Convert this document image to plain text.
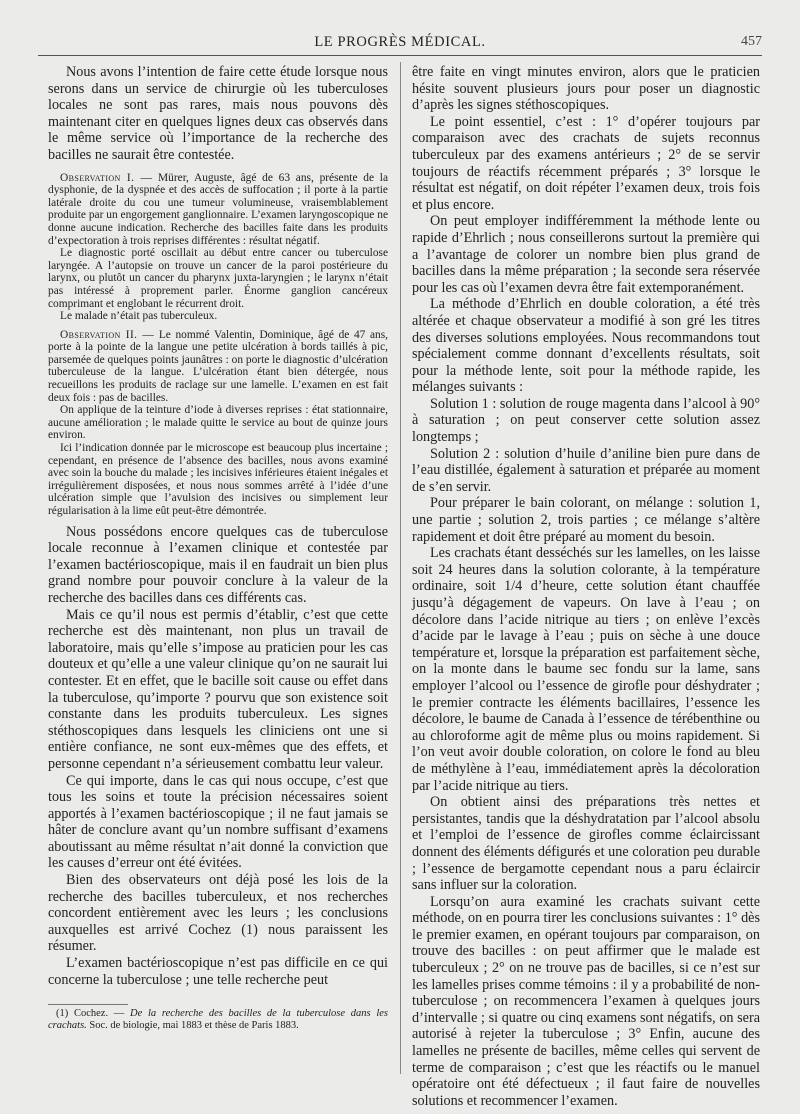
LE PROGRÈS MÉDICAL.	457

Nous avons l’intention de faire cette étude lorsque nous serons dans un service de chirurgie où les tuberculoses locales ne sont pas rares, mais nous pouvons dès maintenant citer en quelques lignes deux cas observés dans le même service où l’importance de la recherche des bacilles ne saurait être contestée.

Observation I. — Mürer, Auguste, âgé de 63 ans, présente de la dysphonie, de la dyspnée et des accès de suffocation ; il porte à la partie latérale droite du cou une tumeur volumineuse, vraisemblablement produite par un engorgement ganglionnaire. L’examen laryngoscopique ne donne aucune indication. Recherche des bacilles faite dans les produits d’expectoration à trois reprises différentes : résultat négatif.

Le diagnostic porté oscillait au début entre cancer ou tuberculose laryngée. A l’autopsie on trouve un cancer de la paroi postérieure du larynx, ou plutôt un cancer du pharynx juxta-laryngien ; le larynx n’était pas intéressé à proprement parler. Énorme ganglion cancéreux comprimant et englobant le récurrent droit.

Le malade n’était pas tuberculeux.

Observation II. — Le nommé Valentin, Dominique, âgé de 47 ans, porte à la pointe de la langue une petite ulcération à bords taillés à pic, parsemée de quelques points jaunâtres : on porte le diagnostic d’ulcération tuberculeuse de la langue. L’ulcération étant bien détergée, nous recueillons les produits de raclage sur une lamelle. L’examen en est fait deux fois : pas de bacilles.

On applique de la teinture d’iode à diverses reprises : état stationnaire, aucune amélioration ; le malade quitte le service au bout de quinze jours environ.

Ici l’indication donnée par le microscope est beaucoup plus incertaine ; cependant, en présence de l’absence des bacilles, nous avons examiné avec soin la bouche du malade ; les incisives inférieures étaient inégales et irrégulièrement disposées, et nous nous sommes arrêté à l’idée d’une ulcération simple que l’avulsion des incisives ou simplement leur régularisation à la lime eût peut-être démontrée.

Nous possédons encore quelques cas de tuberculose locale reconnue à l’examen clinique et contestée par l’examen bactérioscopique, mais il en faudrait un bien plus grand nombre pour pouvoir conclure à la valeur de la recherche des bacilles dans ces différents cas.

Mais ce qu’il nous est permis d’établir, c’est que cette recherche est dès maintenant, non plus un travail de laboratoire, mais qu’elle s’impose au praticien pour les cas douteux et qu’elle a une valeur clinique qu’on ne saurait lui contester. Et en effet, que le bacille soit cause ou effet dans la tuberculose, qu’importe ? pourvu que son existence soit constante dans les produits tuberculeux. Les signes stéthoscopiques dans lesquels les cliniciens ont une si entière confiance, ne sont eux-mêmes que des effets, et personne cependant n’a sérieusement combattu leur valeur.

Ce qui importe, dans le cas qui nous occupe, c’est que tous les soins et toute la précision nécessaires soient apportés à l’examen bactérioscopique ; il ne faut jamais se hâter de conclure avant qu’un nombre suffisant d’examens aboutissant au même résultat n’ait donné la conviction que les causes d’erreur ont été évitées.

Bien des observateurs ont déjà posé les lois de la recherche des bacilles tuberculeux, et nos recherches concordent entièrement avec les leurs ; les conclusions auxquelles est arrivé Cochez (1) nous paraissent les résumer.

L’examen bactérioscopique n’est pas difficile en ce qui concerne la tuberculose ; une telle recherche peut

(1) Cochez. — De la recherche des bacilles de la tuberculose dans les crachats. Soc. de biologie, mai 1883 et thèse de Paris 1883.

être faite en vingt minutes environ, alors que le praticien hésite souvent plusieurs jours pour poser un diagnostic d’après les signes stéthoscopiques.

Le point essentiel, c’est : 1° d’opérer toujours par comparaison avec des crachats de sujets reconnus tuberculeux par des examens antérieurs ; 2° de se servir toujours de réactifs récemment préparés ; 3° lorsque le résultat est négatif, on doit répéter l’examen deux, trois fois et plus encore.

On peut employer indifféremment la méthode lente ou rapide d’Ehrlich ; nous conseillerons surtout la première qui a l’avantage de colorer un nombre bien plus grand de bacilles dans la même préparation ; la seconde sera réservée pour les cas où l’examen devra être fait extemporanément.

La méthode d’Ehrlich en double coloration, a été très altérée et chaque observateur a modifié à son gré les titres des diverses solutions employées. Nous recommandons tout spécialement comme donnant d’excellents résultats, soit pour la méthode lente, soit pour la méthode rapide, les mélanges suivants :

Solution 1 : solution de rouge magenta dans l’alcool à 90° à saturation ; on peut conserver cette solution assez longtemps ;

Solution 2 : solution d’huile d’aniline bien pure dans de l’eau distillée, également à saturation et préparée au moment de s’en servir.

Pour préparer le bain colorant, on mélange : solution 1, une partie ; solution 2, trois parties ; ce mélange s’altère rapidement et doit être préparé au moment du besoin.

Les crachats étant desséchés sur les lamelles, on les laisse soit 24 heures dans la solution colorante, à la température ordinaire, soit 1/4 d’heure, cette solution étant chauffée jusqu’à dégagement de vapeurs. On lave à l’eau ; on décolore dans l’acide nitrique au tiers ; on enlève l’excès d’acide par le lavage à l’eau ; puis on sèche à une douce température et, lorsque la préparation est parfaitement sèche, on la monte dans le baume sec fondu sur la lame, sans employer l’alcool ou l’essence de girofle pour déshydrater ; le premier contracte les éléments bacillaires, l’essence les décolore, le baume de Canada à l’essence de térébenthine ou au chloroforme agit de même plus ou moins rapidement. Si l’on veut avoir double coloration, on colore le fond au bleu de méthylène à l’eau, immédiatement après la décoloration par l’acide nitrique au tiers.

On obtient ainsi des préparations très nettes et persistantes, tandis que la déshydratation par l’alcool absolu et l’emploi de l’essence de girofles comme éclaircissant donnent des éléments défigurés et une coloration peu durable ; l’essence de bergamotte cependant nous a paru éclaircir sans influer sur la coloration.

Lorsqu’on aura examiné les crachats suivant cette méthode, on en pourra tirer les conclusions suivantes : 1° dès le premier examen, en opérant toujours par comparaison, on trouve des bacilles : on peut affirmer que le malade est tuberculeux ; 2° on ne trouve pas de bacilles, si ce n’est sur les lamelles prises comme témoins : il y a probabilité de non-tuberculose ; on recommencera l’examen à quelques jours d’intervalle ; si quatre ou cinq examens sont négatifs, on sera autorisé à rejeter la tuberculose ; 3° Enfin, aucune des lamelles ne présente de bacilles, même celles qui servent de terme de comparaison ; c’est que les réactifs ou le manuel opératoire ont été défectueux ; il faut faire de nouvelles solutions et recommencer l’examen.
